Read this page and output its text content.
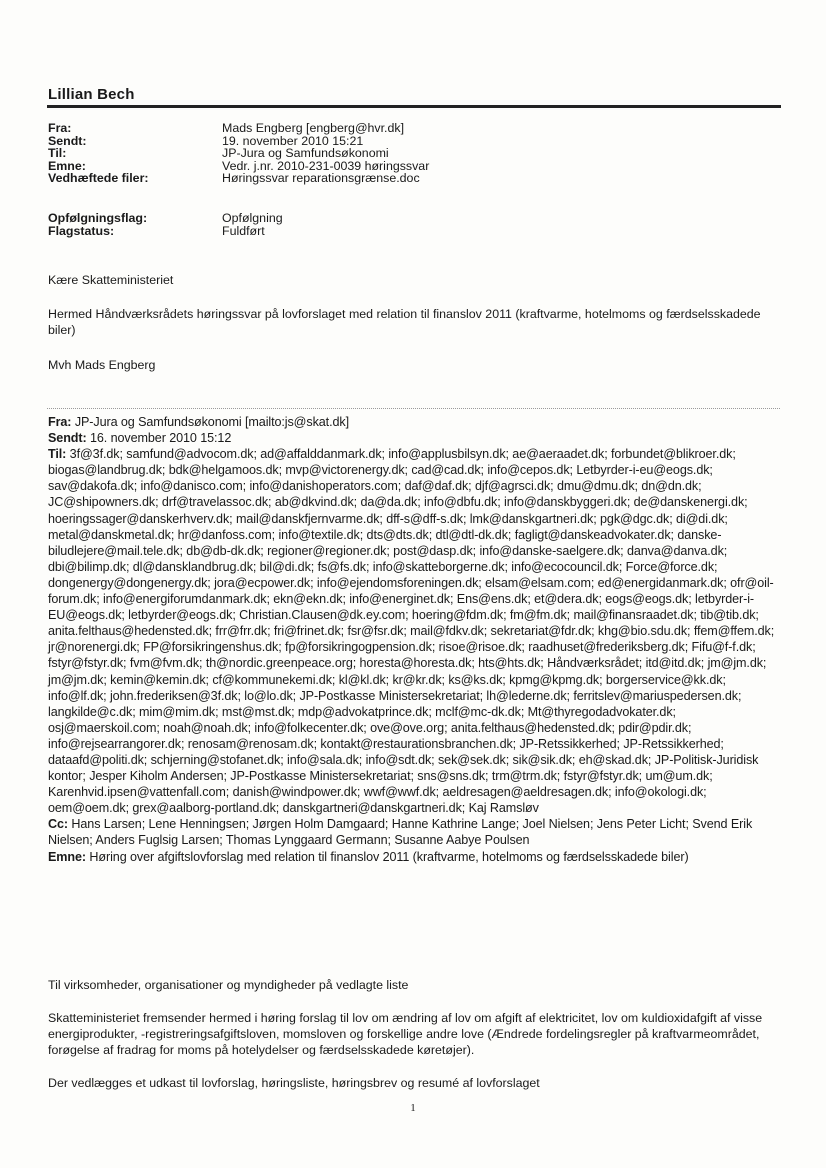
Lillian Bech
Fra:	Mads Engberg [engberg@hvr.dk]
Sendt:	19. november 2010 15:21
Til:	JP-Jura og Samfundsøkonomi
Emne:	Vedr. j.nr. 2010-231-0039 høringssvar
Vedhæftede filer:	Høringssvar reparationsgrænse.doc
Opfølgningsflag:	Opfølgning
Flagstatus:	Fuldført
Kære Skatteministeriet
Hermed Håndværksrådets høringssvar på lovforslaget med relation til finanslov 2011 (kraftvarme, hotelmoms og færdselsskadede biler)
Mvh Mads Engberg

Fra: JP-Jura og Samfundsøkonomi [mailto:js@skat.dk]

Sendt: 16. november 2010 15:12

Til: 3f@3f.dk; samfund@advocom.dk; ad@affalddanmark.dk; info@applusbilsyn.dk; ae@aeraadet.dk; forbundet@blikroer.dk; biogas@landbrug.dk; bdk@helgamoos.dk; mvp@victorenergy.dk; cad@cad.dk; info@cepos.dk; Letbyrder-i-eu@eogs.dk; sav@dakofa.dk; info@danisco.com; info@danishoperators.com; daf@daf.dk; djf@agrsci.dk; dmu@dmu.dk; dn@dn.dk; JC@shipowners.dk; drf@travelassoc.dk; ab@dkvind.dk; da@da.dk; info@dbfu.dk; info@danskbyggeri.dk; de@danskenergi.dk; hoeringssager@danskerhverv.dk; mail@danskfjernvarme.dk; dff-s@dff-s.dk; lmk@danskgartneri.dk; pgk@dgc.dk; di@di.dk; metal@danskmetal.dk; hr@danfoss.com; info@textile.dk; dts@dts.dk; dtl@dtl-dk.dk; fagligt@danskeadvokater.dk; danske-biludlejere@mail.tele.dk; db@db-dk.dk; regioner@regioner.dk; post@dasp.dk; info@danske-saelgere.dk; danva@danva.dk; dbi@bilimp.dk; dl@dansklandbrug.dk; bil@di.dk; fs@fs.dk; info@skatteborgerne.dk; info@ecocouncil.dk; Force@force.dk; dongenergy@dongenergy.dk; jora@ecpower.dk; info@ejendomsforeningen.dk; elsam@elsam.com; ed@energidanmark.dk; ofr@oil-forum.dk; info@energiforumdanmark.dk; ekn@ekn.dk; info@energinet.dk; Ens@ens.dk; et@dera.dk; eogs@eogs.dk; letbyrder-i-EU@eogs.dk; letbyrder@eogs.dk; Christian.Clausen@dk.ey.com; hoering@fdm.dk; fm@fm.dk; mail@finansraadet.dk; tib@tib.dk; anita.felthaus@hedensted.dk; frr@frr.dk; fri@frinet.dk; fsr@fsr.dk; mail@fdkv.dk; sekretariat@fdr.dk; khg@bio.sdu.dk; ffem@ffem.dk; jr@norenergi.dk; FP@forsikringenshus.dk; fp@forsikringogpension.dk; risoe@risoe.dk; raadhuset@frederiksberg.dk; Fifu@f-f.dk; fstyr@fstyr.dk; fvm@fvm.dk; th@nordic.greenpeace.org; horesta@horesta.dk; hts@hts.dk; Håndværksrådet; itd@itd.dk; jm@jm.dk; jm@jm.dk; kemin@kemin.dk; cf@kommunekemi.dk; kl@kl.dk; kr@kr.dk; ks@ks.dk; kpmg@kpmg.dk; borgerservice@kk.dk; info@lf.dk; john.frederiksen@3f.dk; lo@lo.dk; JP-Postkasse Ministersekretariat; lh@lederne.dk; ferritslev@mariuspedersen.dk; langkilde@c.dk; mim@mim.dk; mst@mst.dk; mdp@advokatprince.dk; mclf@mc-dk.dk; Mt@thyregodadvokater.dk; osj@maerskoil.com; noah@noah.dk; info@folkecenter.dk; ove@ove.org; anita.felthaus@hedensted.dk; pdir@pdir.dk; info@rejsearrangorer.dk; renosam@renosam.dk; kontakt@restaurationsbranchen.dk; JP-Retssikkerhed; JP-Retssikkerhed; dataafd@politi.dk; schjerning@stofanet.dk; info@sala.dk; info@sdt.dk; sek@sek.dk; sik@sik.dk; eh@skad.dk; JP-Politisk-Juridisk kontor; Jesper Kiholm Andersen; JP-Postkasse Ministersekretariat; sns@sns.dk; trm@trm.dk; fstyr@fstyr.dk; um@um.dk; Karenhvid.ipsen@vattenfall.com; danish@windpower.dk; wwf@wwf.dk; aeldresagen@aeldresagen.dk; info@okologi.dk; oem@oem.dk; grex@aalborg-portland.dk; danskgartneri@danskgartneri.dk; Kaj Ramsløv

Cc: Hans Larsen; Lene Henningsen; Jørgen Holm Damgaard; Hanne Kathrine Lange; Joel Nielsen; Jens Peter Licht; Svend Erik Nielsen; Anders Fuglsig Larsen; Thomas Lynggaard Germann; Susanne Aabye Poulsen

Emne: Høring over afgiftslovforslag med relation til finanslov 2011 (kraftvarme, hotelmoms og færdselsskadede biler)

Til virksomheder, organisationer og myndigheder på vedlagte liste
Skatteministeriet fremsender hermed i høring forslag til lov om ændring af lov om afgift af elektricitet, lov om kuldioxidafgift af visse energiprodukter, -registreringsafgiftsloven, momsloven og forskellige andre love (Ændrede fordelingsregler på kraftvarmeområdet, forøgelse af fradrag for moms på hotelydelser og færdselsskadede køretøjer).
Der vedlægges et udkast til lovforslag, høringsliste, høringsbrev og resumé af lovforslaget
1
